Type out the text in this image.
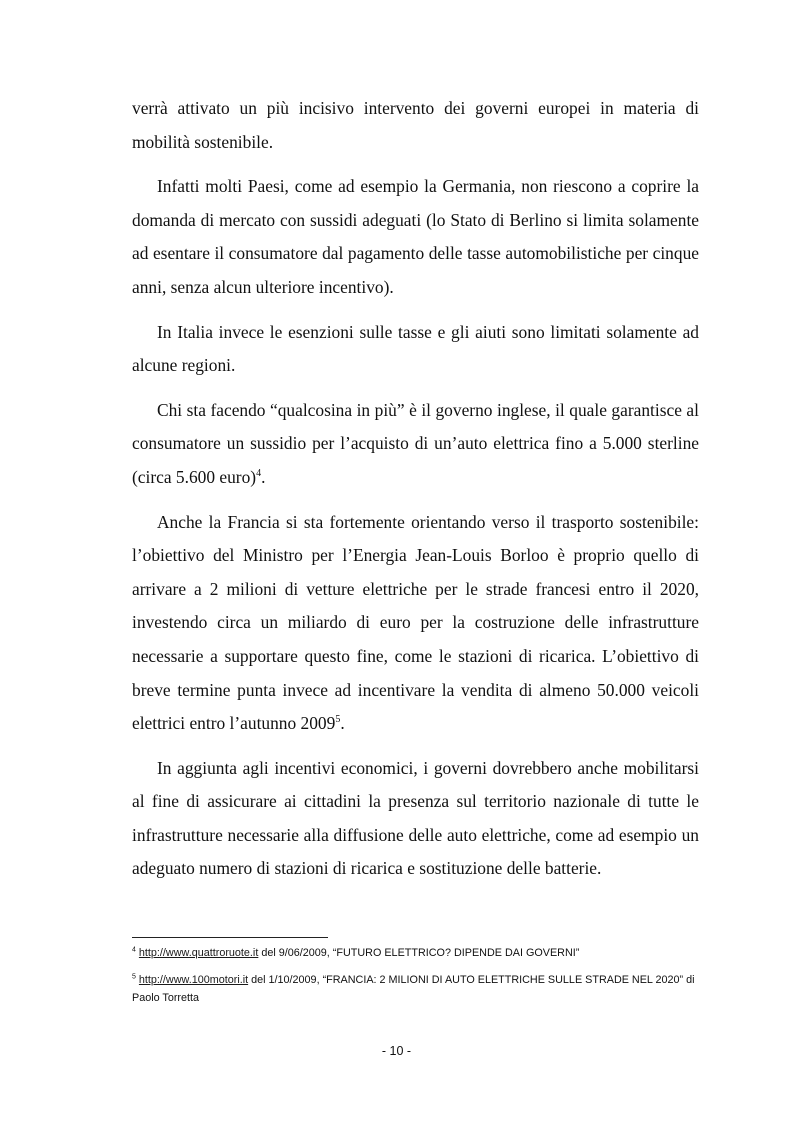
verrà attivato un più incisivo intervento dei governi europei in materia di mobilità sostenibile.

Infatti molti Paesi, come ad esempio la Germania, non riescono a coprire la domanda di mercato con sussidi adeguati (lo Stato di Berlino si limita solamente ad esentare il consumatore dal pagamento delle tasse automobilistiche per cinque anni, senza alcun ulteriore incentivo).

In Italia invece le esenzioni sulle tasse e gli aiuti sono limitati solamente ad alcune regioni.

Chi sta facendo “qualcosina in più” è il governo inglese, il quale garantisce al consumatore un sussidio per l’acquisto di un’auto elettrica fino a 5.000 sterline (circa 5.600 euro)$^4$.

Anche la Francia si sta fortemente orientando verso il trasporto sostenibile: l’obiettivo del Ministro per l’Energia Jean-Louis Borloo è proprio quello di arrivare a 2 milioni di vetture elettriche per le strade francesi entro il 2020, investendo circa un miliardo di euro per la costruzione delle infrastrutture necessarie a supportare questo fine, come le stazioni di ricarica. L’obiettivo di breve termine punta invece ad incentivare la vendita di almeno 50.000 veicoli elettrici entro l’autunno 2009$^5$.

In aggiunta agli incentivi economici, i governi dovrebbero anche mobilitarsi al fine di assicurare ai cittadini la presenza sul territorio nazionale di tutte le infrastrutture necessarie alla diffusione delle auto elettriche, come ad esempio un adeguato numero di stazioni di ricarica e sostituzione delle batterie.

$^4$ http://www.quattroruote.it del 9/06/2009, “FUTURO ELETTRICO? DIPENDE DAI GOVERNI”

$^5$ http://www.100motori.it del 1/10/2009, “FRANCIA: 2 MILIONI DI AUTO ELETTRICHE SULLE STRADE NEL 2020” di Paolo Torretta

- 10 -
